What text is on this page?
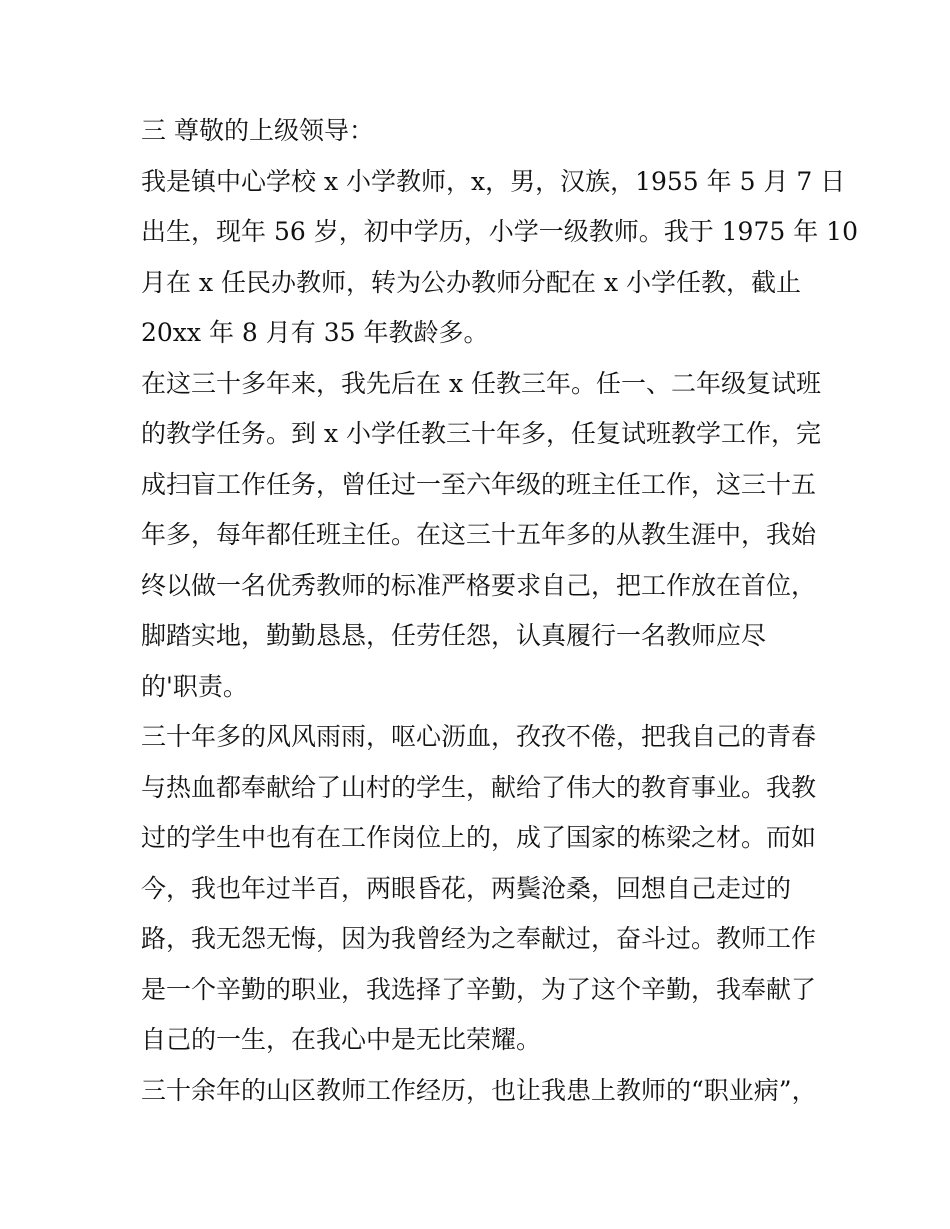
三 尊敬的上级领导：
我是镇中心学校 x 小学教师，x，男，汉族，1955 年 5 月 7 日
出生，现年 56 岁，初中学历，小学一级教师。我于 1975 年 10
月在 x 任民办教师，转为公办教师分配在 x 小学任教，截止
20xx 年 8 月有 35 年教龄多。
在这三十多年来，我先后在 x 任教三年。任一、二年级复试班
的教学任务。到 x 小学任教三十年多，任复试班教学工作，完
成扫盲工作任务，曾任过一至六年级的班主任工作，这三十五
年多，每年都任班主任。在这三十五年多的从教生涯中，我始
终以做一名优秀教师的标准严格要求自己，把工作放在首位，
脚踏实地，勤勤恳恳，任劳任怨，认真履行一名教师应尽
的'职责。
三十年多的风风雨雨，呕心沥血，孜孜不倦，把我自己的青春
与热血都奉献给了山村的学生，献给了伟大的教育事业。我教
过的学生中也有在工作岗位上的，成了国家的栋梁之材。而如
今，我也年过半百，两眼昏花，两鬓沧桑，回想自己走过的
路，我无怨无悔，因为我曾经为之奉献过，奋斗过。教师工作
是一个辛勤的职业，我选择了辛勤，为了这个辛勤，我奉献了
自己的一生，在我心中是无比荣耀。
三十余年的山区教师工作经历，也让我患上教师的“职业病”，
